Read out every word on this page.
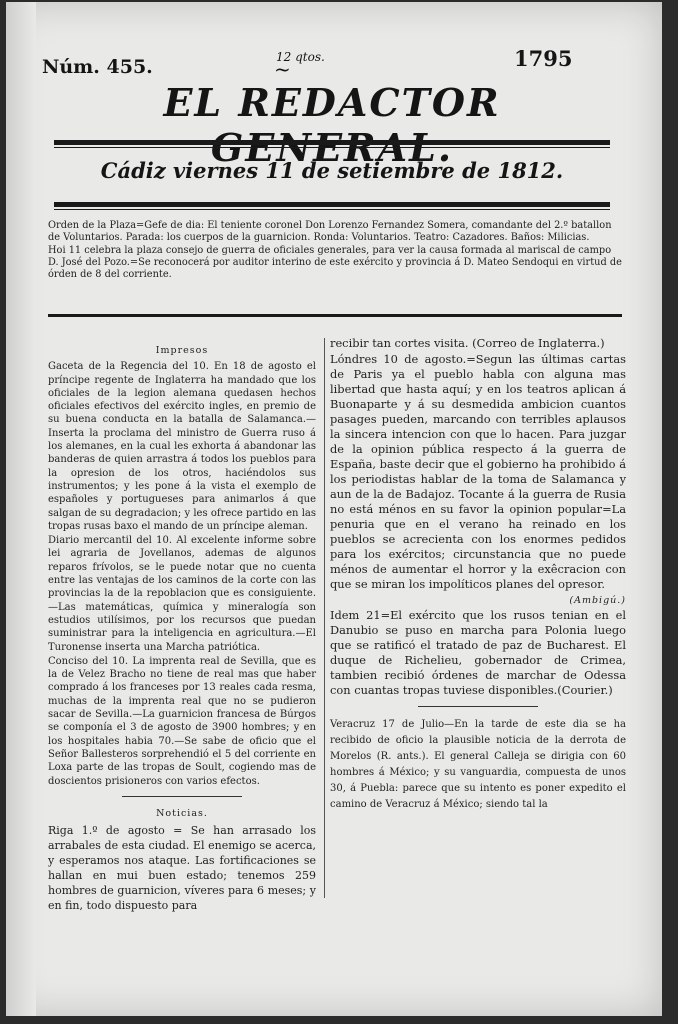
Núm. 455.	12 qtos.
~	1795
EL REDACTOR
Cádiz viernes 11 de setiembre de 1812.

Orden de la Plaza=Gefe de dia: El teniente coronel Don Lorenzo Fernandez Somera, comandante del 2.º batallon de Voluntarios. Parada: los cuerpos de la guarnicion. Ronda: Voluntarios. Teatro: Cazadores. Baños: Milicias.

Hoi 11 celebra la plaza consejo de guerra de oficiales generales, para ver la causa formada al mariscal de campo D. José del Pozo.=Se reconocerá por auditor interino de este exército y provincia á D. Mateo Sendoqui en virtud de órden de 8 del corriente.

Impresos

Gaceta de la Regencia del 10. En 18 de agosto el príncipe regente de Inglaterra ha mandado que los oficiales de la legion alemana quedasen hechos oficiales efectivos del exército ingles, en premio de su buena conducta en la batalla de Salamanca.—Inserta la proclama del ministro de Guerra ruso á los alemanes, en la cual les exhorta á abandonar las banderas de quien arrastra á todos los pueblos para la opresion de los otros, haciéndolos sus instrumentos; y les pone á la vista el exemplo de españoles y portugueses para animarlos á que salgan de su degradacion; y les ofrece partido en las tropas rusas baxo el mando de un príncipe aleman.

Diario mercantil del 10. Al excelente informe sobre lei agraria de Jovellanos, ademas de algunos reparos frívolos, se le puede notar que no cuenta entre las ventajas de los caminos de la corte con las provincias la de la repoblacion que es consiguiente.—Las matemáticas, química y mineralogía son estudios utilísimos, por los recursos que puedan suministrar para la inteligencia en agricultura.—El Turonense inserta una Marcha patriótica.

Conciso del 10. La imprenta real de Sevilla, que es la de Velez Bracho no tiene de real mas que haber comprado á los franceses por 13 reales cada resma, muchas de la imprenta real que no se pudieron sacar de Sevilla.—La guarnicion francesa de Búrgos se componía el 3 de agosto de 3900 hombres; y en los hospitales habia 70.—Se sabe de oficio que el Señor Ballesteros sorprehendió el 5 del corriente en Loxa parte de las tropas de Soult, cogiendo mas de doscientos prisioneros con varios efectos.

Noticias.

Riga 1.º de agosto = Se han arrasado los arrabales de esta ciudad. El enemigo se acerca, y esperamos nos ataque. Las fortificaciones se hallan en mui buen estado; tenemos 259 hombres de guarnicion, víveres para 6 meses; y en fin, todo dispuesto para

recibir tan cortes visita. (Correo de Inglaterra.)

Lóndres 10 de agosto.=Segun las últimas cartas de Paris ya el pueblo habla con alguna mas libertad que hasta aquí; y en los teatros aplican á Buonaparte y á su desmedida ambicion cuantos pasages pueden, marcando con terribles aplausos la sincera intencion con que lo hacen. Para juzgar de la opinion pública respecto á la guerra de España, baste decir que el gobierno ha prohibido á los periodistas hablar de la toma de Salamanca y aun de la de Badajoz. Tocante á la guerra de Rusia no está ménos en su favor la opinion popular=La penuria que en el verano ha reinado en los pueblos se acrecienta con los enormes pedidos para los exércitos; circunstancia que no puede ménos de aumentar el horror y la exêcracion con que se miran los impolíticos planes del opresor.

(Ambigú.)

Idem 21=El exército que los rusos tenian en el Danubio se puso en marcha para Polonia luego que se ratificó el tratado de paz de Bucharest. El duque de Richelieu, gobernador de Crimea, tambien recibió órdenes de marchar de Odessa con cuantas tropas tuviese disponibles.(Courier.)

Veracruz 17 de Julio—En la tarde de este dia se ha recibido de oficio la plausible noticia de la derrota de Morelos (R. ants.). El general Calleja se dirigia con 60 hombres á México; y su vanguardia, compuesta de unos 30, á Puebla: parece que su intento es poner expedito el camino de Veracruz á México; siendo tal la
